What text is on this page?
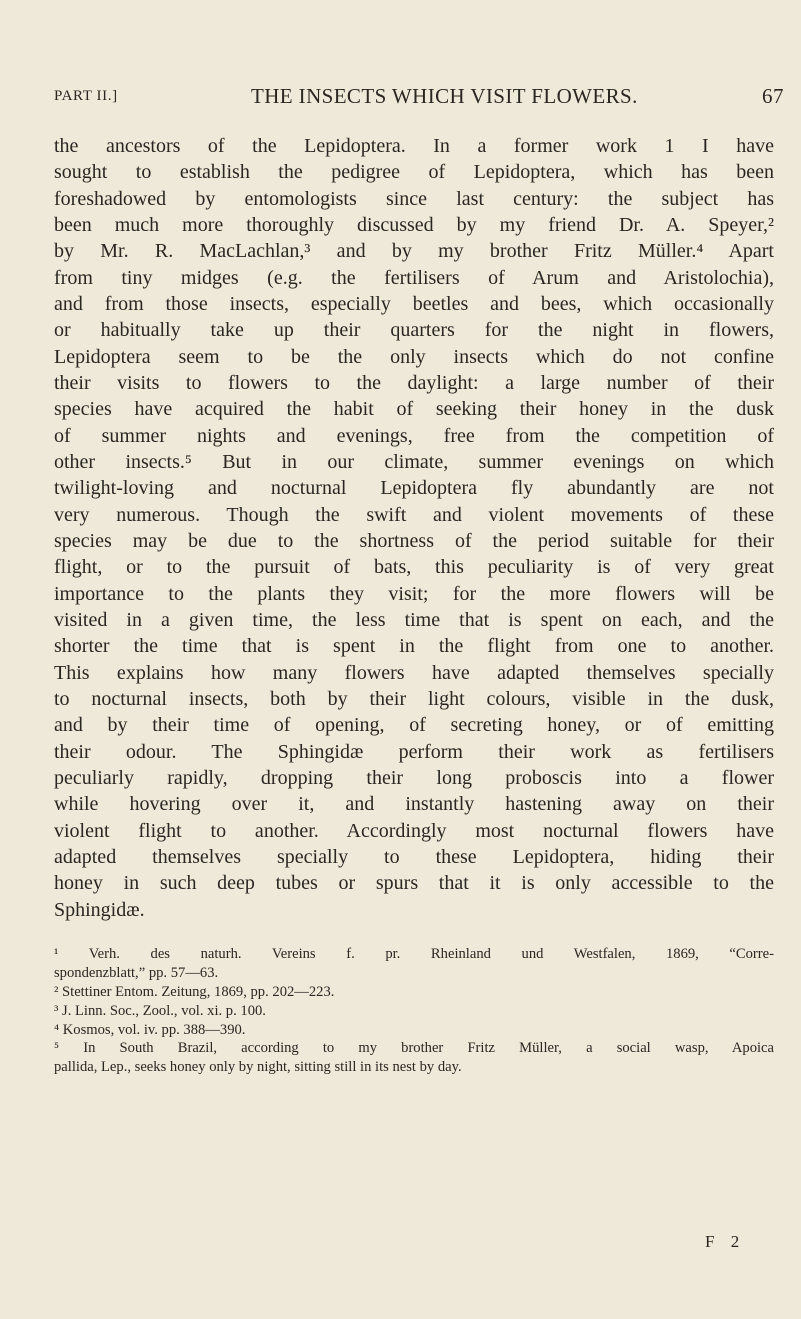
PART II.]	THE INSECTS WHICH VISIT FLOWERS.	67
the ancestors of the Lepidoptera. In a former work 1 I have
sought to establish the pedigree of Lepidoptera, which has been
foreshadowed by entomologists since last century: the subject has
been much more thoroughly discussed by my friend Dr. A. Speyer,²
by Mr. R. MacLachlan,³ and by my brother Fritz Müller.⁴ Apart
from tiny midges (e.g. the fertilisers of Arum and Aristolochia),
and from those insects, especially beetles and bees, which occasionally
or habitually take up their quarters for the night in flowers,
Lepidoptera seem to be the only insects which do not confine
their visits to flowers to the daylight: a large number of their
species have acquired the habit of seeking their honey in the dusk
of summer nights and evenings, free from the competition of
other insects.⁵ But in our climate, summer evenings on which
twilight-loving and nocturnal Lepidoptera fly abundantly are not
very numerous. Though the swift and violent movements of these
species may be due to the shortness of the period suitable for their
flight, or to the pursuit of bats, this peculiarity is of very great
importance to the plants they visit; for the more flowers will be
visited in a given time, the less time that is spent on each, and the
shorter the time that is spent in the flight from one to another.
This explains how many flowers have adapted themselves specially
to nocturnal insects, both by their light colours, visible in the dusk,
and by their time of opening, of secreting honey, or of emitting
their odour. The Sphingidæ perform their work as fertilisers
peculiarly rapidly, dropping their long proboscis into a flower
while hovering over it, and instantly hastening away on their
violent flight to another. Accordingly most nocturnal flowers have
adapted themselves specially to these Lepidoptera, hiding their
honey in such deep tubes or spurs that it is only accessible to the
Sphingidæ.
¹ Verh. des naturh. Vereins f. pr. Rheinland und Westfalen, 1869, “Corre-
spondenzblatt,” pp. 57—63.
² Stettiner Entom. Zeitung, 1869, pp. 202—223.
³ J. Linn. Soc., Zool., vol. xi. p. 100.
⁴ Kosmos, vol. iv. pp. 388—390.
⁵ In South Brazil, according to my brother Fritz Müller, a social wasp, Apoica
pallida, Lep., seeks honey only by night, sitting still in its nest by day.
F 2
